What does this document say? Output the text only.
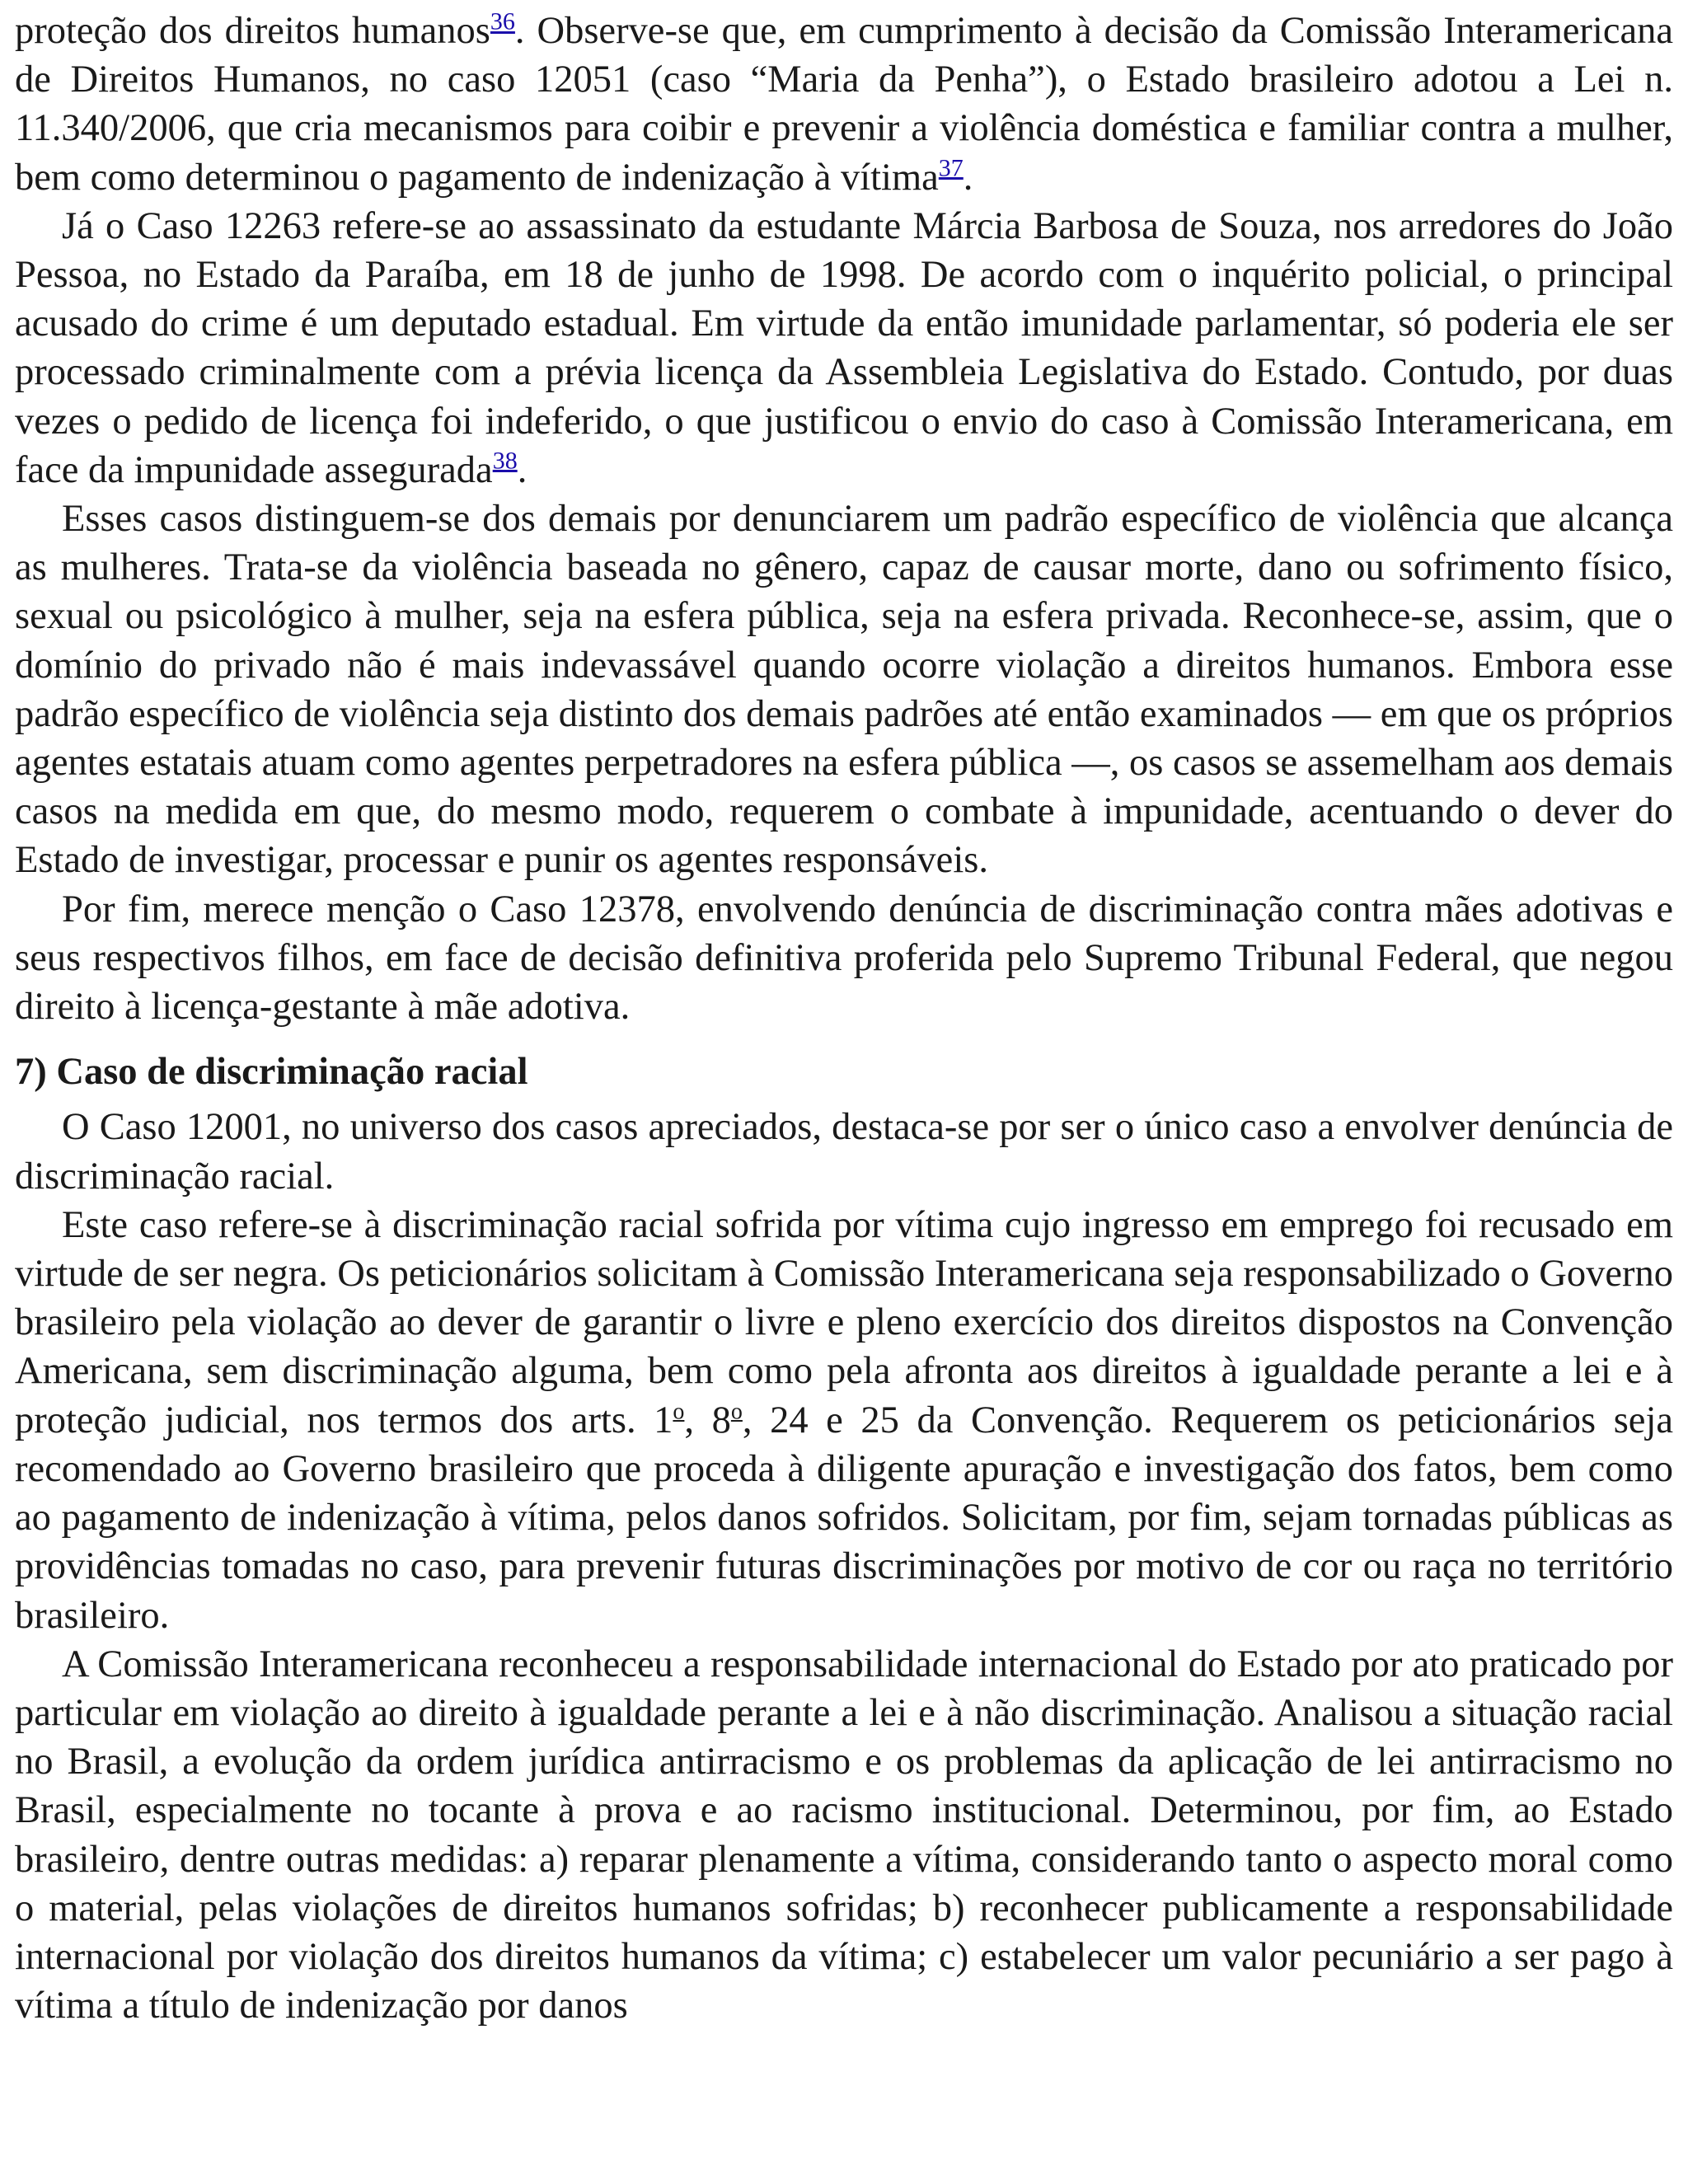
proteção dos direitos humanos$^{36}$. Observe-se que, em cumprimento à decisão da Comissão Interamericana de Direitos Humanos, no caso 12051 (caso “Maria da Penha”), o Estado brasileiro adotou a Lei n. 11.340/2006, que cria mecanismos para coibir e prevenir a violência doméstica e familiar contra a mulher, bem como determinou o pagamento de indenização à vítima$^{37}$.

Já o Caso 12263 refere-se ao assassinato da estudante Márcia Barbosa de Souza, nos arredores do João Pessoa, no Estado da Paraíba, em 18 de junho de 1998. De acordo com o inquérito policial, o principal acusado do crime é um deputado estadual. Em virtude da então imunidade parlamentar, só poderia ele ser processado criminalmente com a prévia licença da Assembleia Legislativa do Estado. Contudo, por duas vezes o pedido de licença foi indeferido, o que justificou o envio do caso à Comissão Interamericana, em face da impunidade assegurada$^{38}$.

Esses casos distinguem-se dos demais por denunciarem um padrão específico de violência que alcança as mulheres. Trata-se da violência baseada no gênero, capaz de causar morte, dano ou sofrimento físico, sexual ou psicológico à mulher, seja na esfera pública, seja na esfera privada. Reconhece-se, assim, que o domínio do privado não é mais indevassável quando ocorre violação a direitos humanos. Embora esse padrão específico de violência seja distinto dos demais padrões até então examinados — em que os próprios agentes estatais atuam como agentes perpetradores na esfera pública —, os casos se assemelham aos demais casos na medida em que, do mesmo modo, requerem o combate à impunidade, acentuando o dever do Estado de investigar, processar e punir os agentes responsáveis.

Por fim, merece menção o Caso 12378, envolvendo denúncia de discriminação contra mães adotivas e seus respectivos filhos, em face de decisão definitiva proferida pelo Supremo Tribunal Federal, que negou direito à licença-gestante à mãe adotiva.

7) Caso de discriminação racial

O Caso 12001, no universo dos casos apreciados, destaca-se por ser o único caso a envolver denúncia de discriminação racial.

Este caso refere-se à discriminação racial sofrida por vítima cujo ingresso em emprego foi recusado em virtude de ser negra. Os peticionários solicitam à Comissão Interamericana seja responsabilizado o Governo brasileiro pela violação ao dever de garantir o livre e pleno exercício dos direitos dispostos na Convenção Americana, sem discriminação alguma, bem como pela afronta aos direitos à igualdade perante a lei e à proteção judicial, nos termos dos arts. 1$^o$, 8$^o$, 24 e 25 da Convenção. Requerem os peticionários seja recomendado ao Governo brasileiro que proceda à diligente apuração e investigação dos fatos, bem como ao pagamento de indenização à vítima, pelos danos sofridos. Solicitam, por fim, sejam tornadas públicas as providências tomadas no caso, para prevenir futuras discriminações por motivo de cor ou raça no território brasileiro.

A Comissão Interamericana reconheceu a responsabilidade internacional do Estado por ato praticado por particular em violação ao direito à igualdade perante a lei e à não discriminação. Analisou a situação racial no Brasil, a evolução da ordem jurídica antirracismo e os problemas da aplicação de lei antirracismo no Brasil, especialmente no tocante à prova e ao racismo institucional. Determinou, por fim, ao Estado brasileiro, dentre outras medidas: a) reparar plenamente a vítima, considerando tanto o aspecto moral como o material, pelas violações de direitos humanos sofridas; b) reconhecer publicamente a responsabilidade internacional por violação dos direitos humanos da vítima; c) estabelecer um valor pecuniário a ser pago à vítima a título de indenização por danos
